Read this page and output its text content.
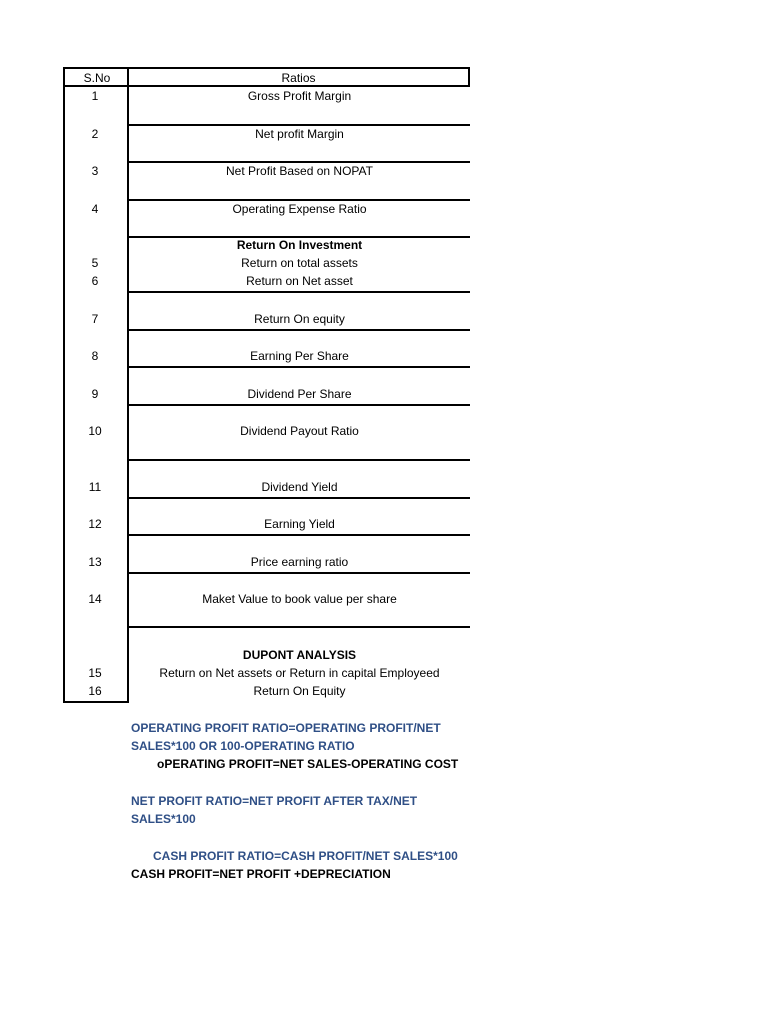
S.No	Ratios
1	Gross Profit Margin
2	Net profit Margin
3	Net Profit Based on NOPAT
4	Operating Expense Ratio
Return On Investment
5	Return on total assets
6	Return on Net asset
7	Return On equity
8	Earning Per Share
9	Dividend Per Share
10	Dividend Payout Ratio
11	Dividend Yield
12	Earning Yield
13	Price earning ratio
14	Maket Value to book value per share
DUPONT ANALYSIS
15	Return on Net assets or Return in capital Employeed
16	Return On Equity
OPERATING PROFIT RATIO=OPERATING PROFIT/NET
SALES*100 OR 100-OPERATING RATIO
oPERATING PROFIT=NET SALES-OPERATING COST
NET PROFIT RATIO=NET PROFIT AFTER TAX/NET
SALES*100
CASH PROFIT RATIO=CASH PROFIT/NET SALES*100
CASH PROFIT=NET PROFIT +DEPRECIATION
